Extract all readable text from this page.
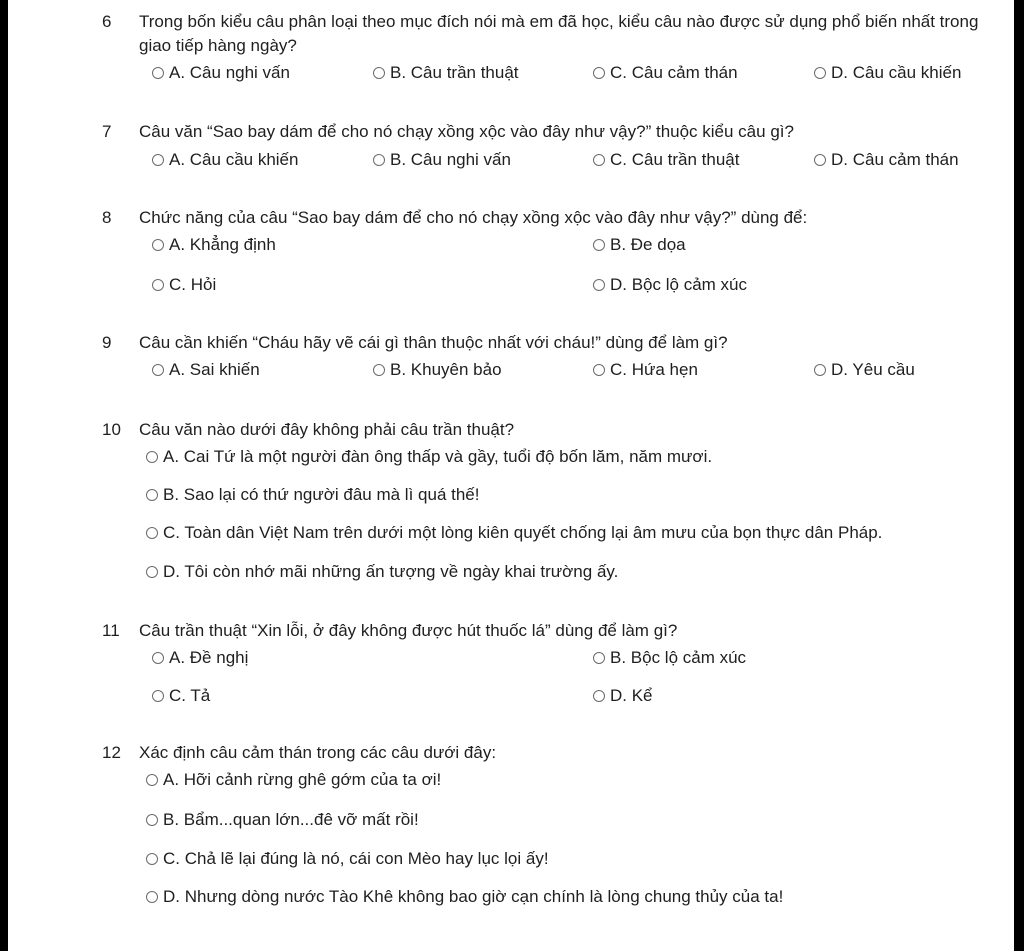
6 Trong bốn kiểu câu phân loại theo mục đích nói mà em đã học, kiểu câu nào được sử dụng phổ biến nhất trong giao tiếp hàng ngày?
A. Câu nghi vấn	B. Câu trần thuật	C. Câu cảm thán	D. Câu cầu khiến
7 Câu văn “Sao bay dám để cho nó chạy xồng xộc vào đây như vậy?” thuộc kiểu câu gì?
A. Câu cầu khiến	B. Câu nghi vấn	C. Câu trần thuật	D. Câu cảm thán
8 Chức năng của câu “Sao bay dám để cho nó chạy xồng xộc vào đây như vậy?” dùng để:
A. Khẳng định	B. Đe dọa
C. Hỏi	D. Bộc lộ cảm xúc
9 Câu cần khiến “Cháu hãy vẽ cái gì thân thuộc nhất với cháu!” dùng để làm gì?
A. Sai khiến	B. Khuyên bảo	C. Hứa hẹn	D. Yêu cầu
10 Câu văn nào dưới đây không phải câu trần thuật?
A. Cai Tứ là một người đàn ông thấp và gầy, tuổi độ bốn lăm, năm mươi.
B. Sao lại có thứ người đâu mà lì quá thế!
C. Toàn dân Việt Nam trên dưới một lòng kiên quyết chống lại âm mưu của bọn thực dân Pháp.
D. Tôi còn nhớ mãi những ấn tượng về ngày khai trường ấy.
11 Câu trần thuật “Xin lỗi, ở đây không được hút thuốc lá” dùng để làm gì?
A. Đề nghị	B. Bộc lộ cảm xúc
C. Tả	D. Kể
12 Xác định câu cảm thán trong các câu dưới đây:
A. Hỡi cảnh rừng ghê gớm của ta ơi!
B. Bẩm...quan lớn...đê vỡ mất rồi!
C. Chả lẽ lại đúng là nó, cái con Mèo hay lục lọi ấy!
D. Nhưng dòng nước Tào Khê không bao giờ cạn chính là lòng chung thủy của ta!
